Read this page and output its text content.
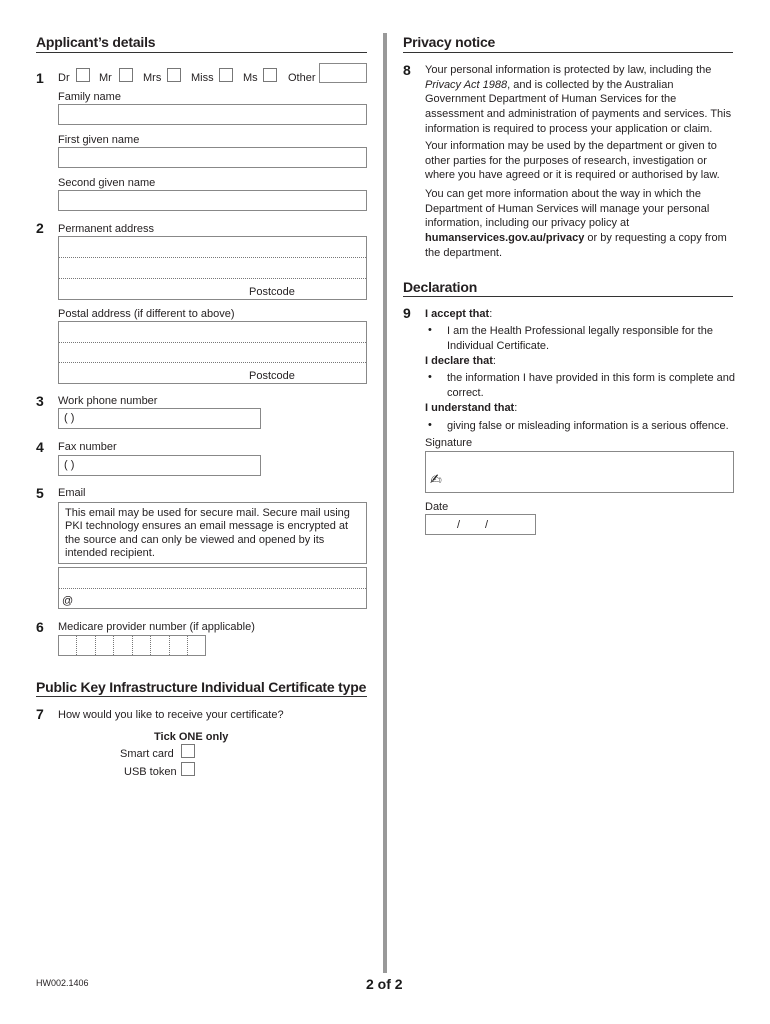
Applicant’s details	Privacy notice
1 Dr	Mr	Mrs	Miss	Ms	Other
Family name
First given name
Second given name
2 Permanent address
Postcode
Postal address (if different to above)
Postcode
3 Work phone number
( )
4 Fax number
( )
5 Email
This email may be used for secure mail. Secure mail using PKI technology ensures an email message is encrypted at the source and can only be viewed and opened by its intended recipient.
@
6 Medicare provider number (if applicable)
Public Key Infrastructure Individual Certificate type
7 How would you like to receive your certificate?
Tick ONE only
Smart card
USB token
8 Your personal information is protected by law, including the
Privacy Act 1988, and is collected by the Australian Government Department of Human Services for the assessment and administration of payments and services. This information is required to process your application or claim.
Your information may be used by the department or given to other parties for the purposes of research, investigation or where you have agreed or it is required or authorised by law.
You can get more information about the way in which the Department of Human Services will manage your personal information, including our privacy policy at humanservices.gov.au/privacy or by requesting a copy from the department.
Declaration
9 I accept that:
• I am the Health Professional legally responsible for the Individual Certificate.
I declare that:
• the information I have provided in this form is complete and correct.
I understand that:
• giving false or misleading information is a serious offence.
Signature
✍
Date
/ /
HW002.1406	2 of 2
